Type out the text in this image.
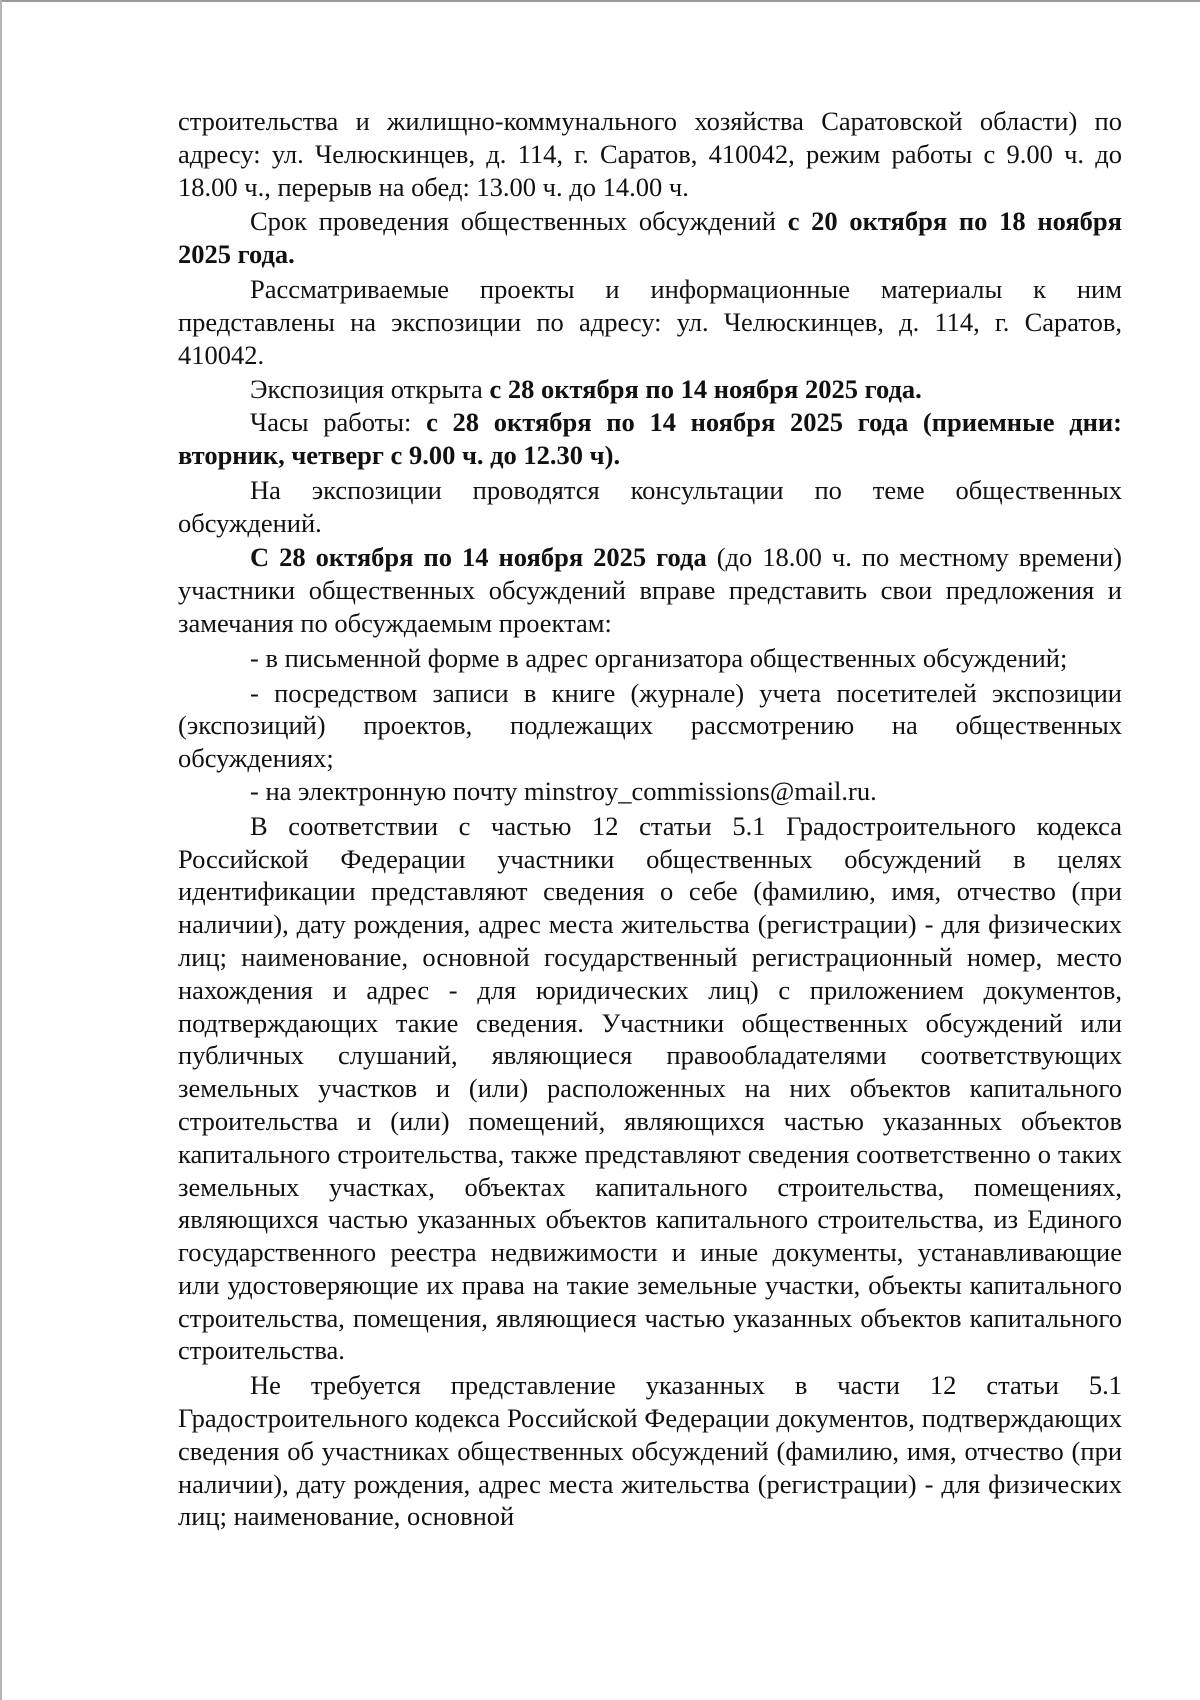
строительства и жилищно-коммунального хозяйства Саратовской области) по адресу: ул. Челюскинцев, д. 114, г. Саратов, 410042, режим работы с 9.00 ч. до 18.00 ч., перерыв на обед: 13.00 ч. до 14.00 ч.

Срок проведения общественных обсуждений с 20 октября по 18 ноября 2025 года.

Рассматриваемые проекты и информационные материалы к ним представлены на экспозиции по адресу: ул. Челюскинцев, д. 114, г. Саратов, 410042.

Экспозиция открыта с 28 октября по 14 ноября 2025 года.

Часы работы: с 28 октября по 14 ноября 2025 года (приемные дни: вторник, четверг с 9.00 ч. до 12.30 ч).

На экспозиции проводятся консультации по теме общественных обсуждений.

С 28 октября по 14 ноября 2025 года (до 18.00 ч. по местному времени) участники общественных обсуждений вправе представить свои предложения и замечания по обсуждаемым проектам:

- в письменной форме в адрес организатора общественных обсуждений;

- посредством записи в книге (журнале) учета посетителей экспозиции (экспозиций) проектов, подлежащих рассмотрению на общественных обсуждениях;

- на электронную почту minstroy_commissions@mail.ru.

В соответствии с частью 12 статьи 5.1 Градостроительного кодекса Российской Федерации участники общественных обсуждений в целях идентификации представляют сведения о себе (фамилию, имя, отчество (при наличии), дату рождения, адрес места жительства (регистрации) - для физических лиц; наименование, основной государственный регистрационный номер, место нахождения и адрес - для юридических лиц) с приложением документов, подтверждающих такие сведения. Участники общественных обсуждений или публичных слушаний, являющиеся правообладателями соответствующих земельных участков и (или) расположенных на них объектов капитального строительства и (или) помещений, являющихся частью указанных объектов капитального строительства, также представляют сведения соответственно о таких земельных участках, объектах капитального строительства, помещениях, являющихся частью указанных объектов капитального строительства, из Единого государственного реестра недвижимости и иные документы, устанавливающие или удостоверяющие их права на такие земельные участки, объекты капитального строительства, помещения, являющиеся частью указанных объектов капитального строительства.

Не требуется представление указанных в части 12 статьи 5.1 Градостроительного кодекса Российской Федерации документов, подтверждающих сведения об участниках общественных обсуждений (фамилию, имя, отчество (при наличии), дату рождения, адрес места жительства (регистрации) - для физических лиц; наименование, основной
